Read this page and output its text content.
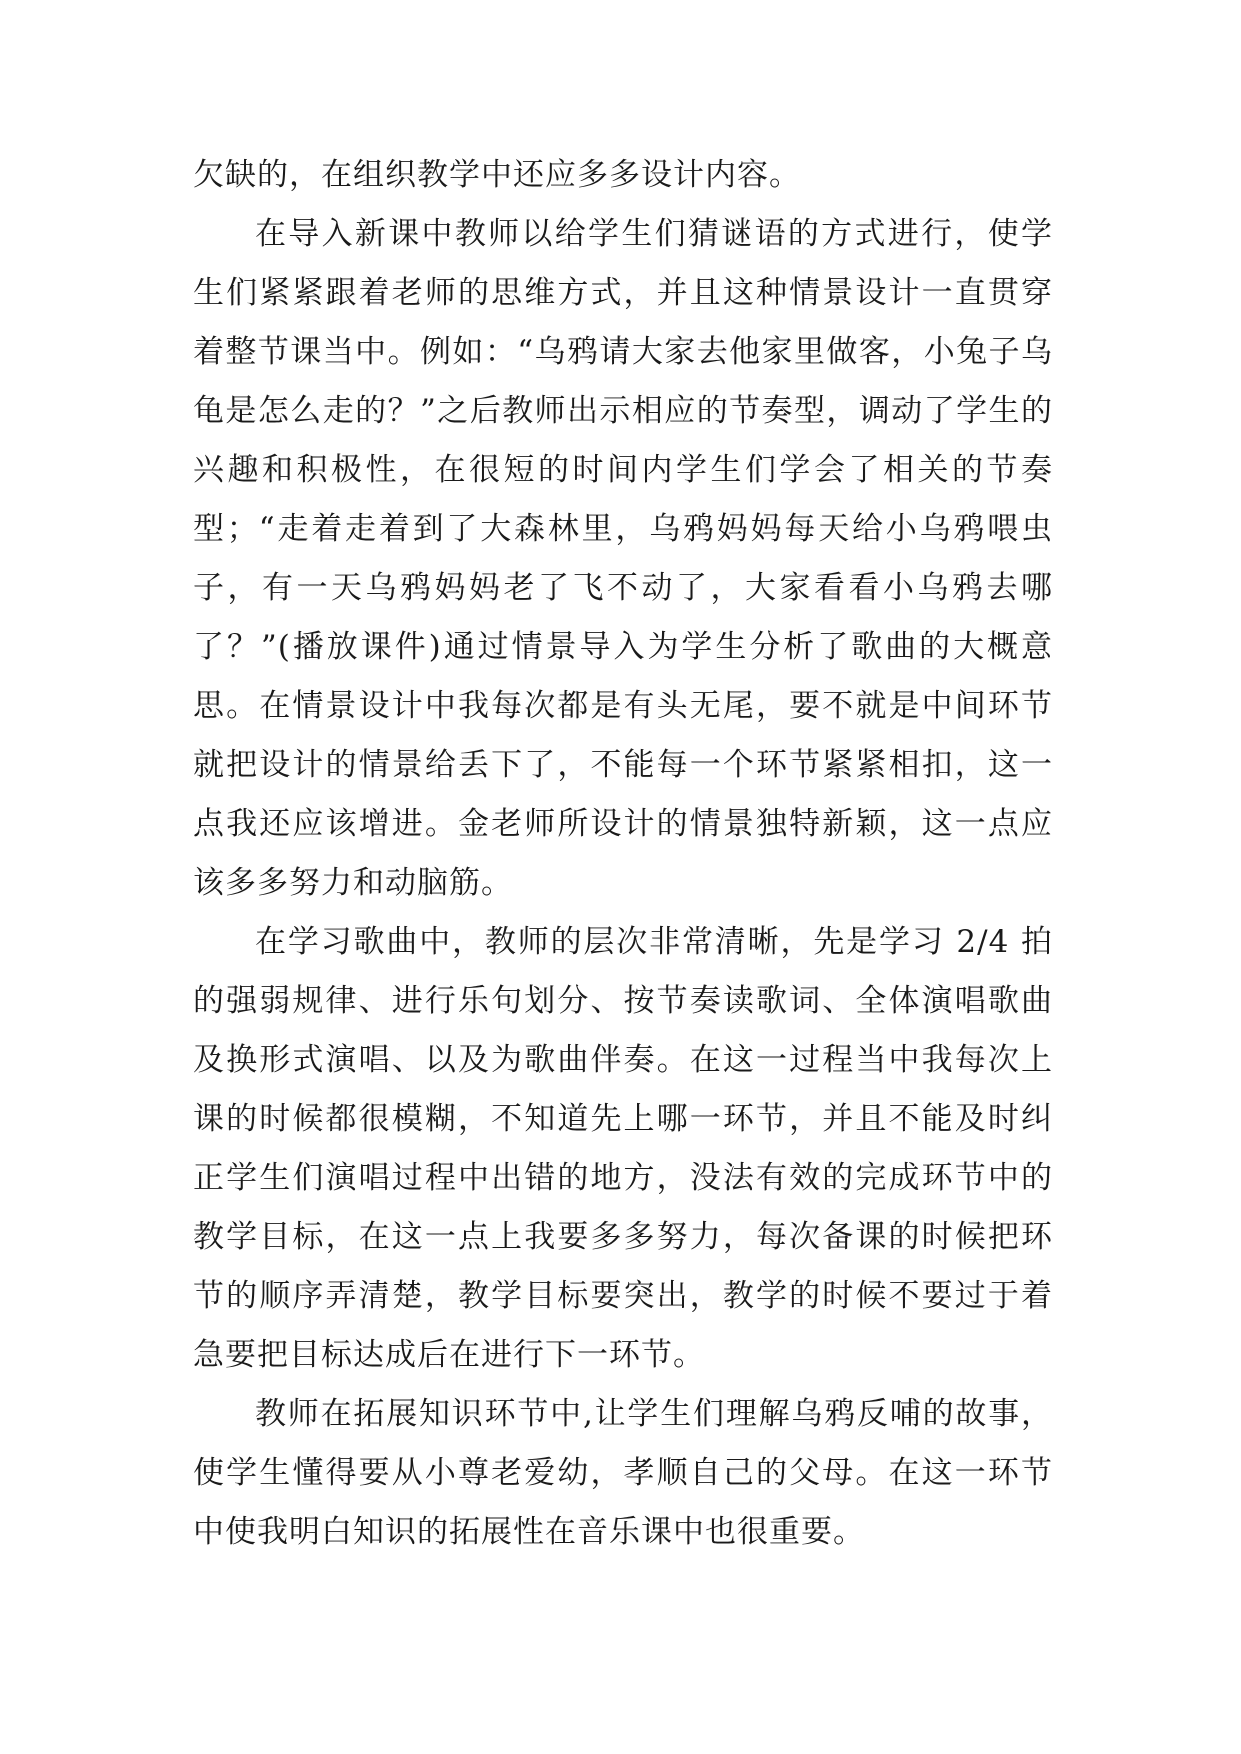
欠缺的，在组织教学中还应多多设计内容。

在导入新课中教师以给学生们猜谜语的方式进行，使学生们紧紧跟着老师的思维方式，并且这种情景设计一直贯穿着整节课当中。例如：“乌鸦请大家去他家里做客，小兔子乌龟是怎么走的？”之后教师出示相应的节奏型，调动了学生的兴趣和积极性，在很短的时间内学生们学会了相关的节奏型；“走着走着到了大森林里，乌鸦妈妈每天给小乌鸦喂虫子，有一天乌鸦妈妈老了飞不动了，大家看看小乌鸦去哪了？”(播放课件)通过情景导入为学生分析了歌曲的大概意思。在情景设计中我每次都是有头无尾，要不就是中间环节就把设计的情景给丢下了，不能每一个环节紧紧相扣，这一点我还应该增进。金老师所设计的情景独特新颖，这一点应该多多努力和动脑筋。

在学习歌曲中，教师的层次非常清晰，先是学习 2/4 拍的强弱规律、进行乐句划分、按节奏读歌词、全体演唱歌曲及换形式演唱、以及为歌曲伴奏。在这一过程当中我每次上课的时候都很模糊，不知道先上哪一环节，并且不能及时纠正学生们演唱过程中出错的地方，没法有效的完成环节中的教学目标，在这一点上我要多多努力，每次备课的时候把环节的顺序弄清楚，教学目标要突出，教学的时候不要过于着急要把目标达成后在进行下一环节。

教师在拓展知识环节中,让学生们理解乌鸦反哺的故事，使学生懂得要从小尊老爱幼，孝顺自己的父母。在这一环节中使我明白知识的拓展性在音乐课中也很重要。
